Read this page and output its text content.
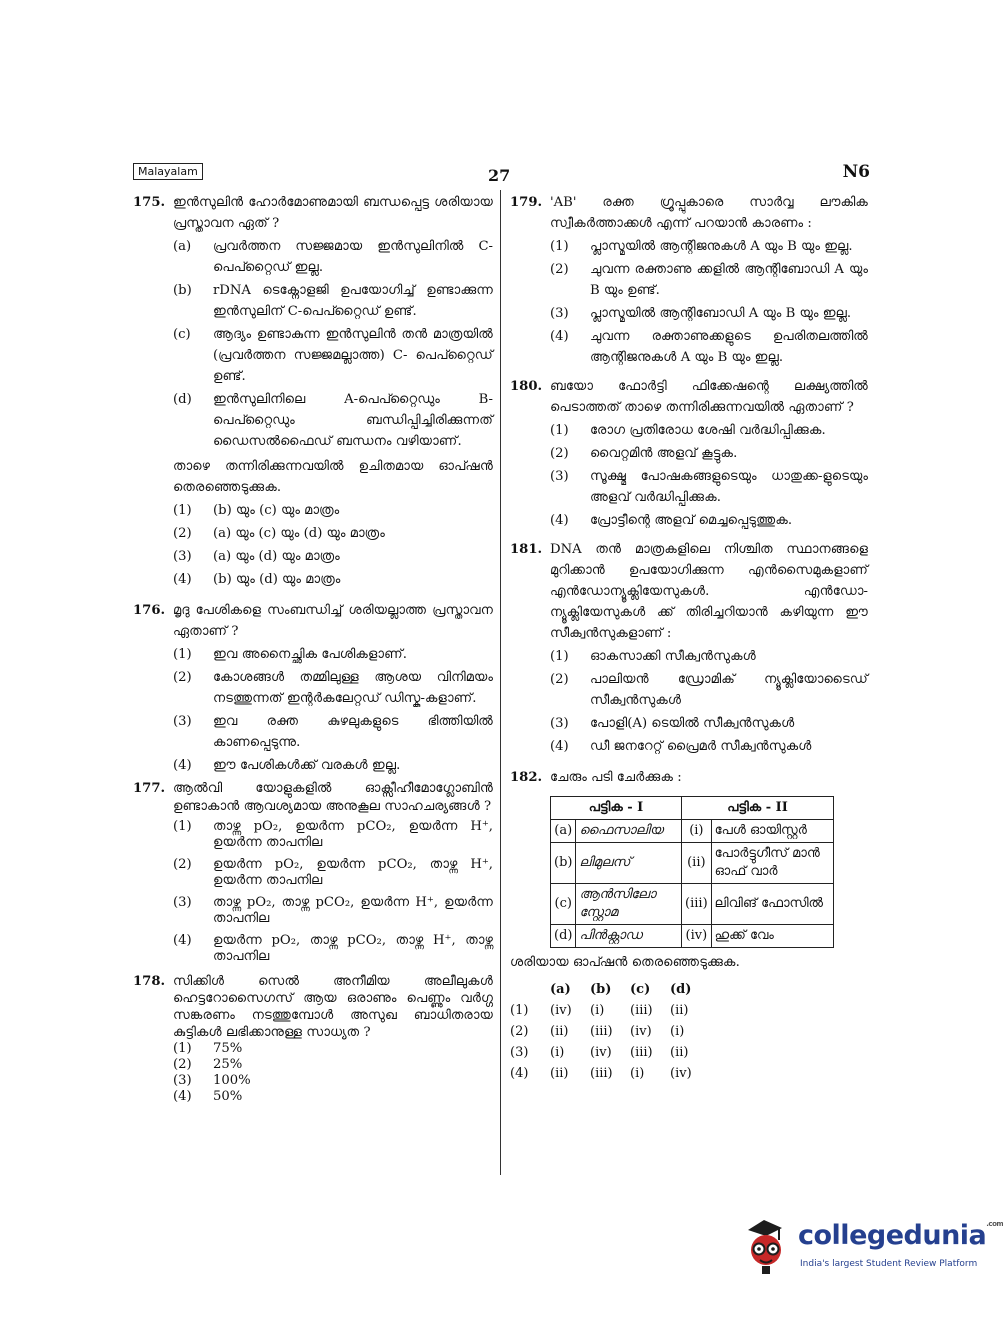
Malayalam	27	N6
175. ഇൻസുലിൻ ഹോർമോണുമായി ബന്ധപ്പെട്ട ശരിയായ പ്രസ്താവന ഏത് ?
(a)	പ്രവർത്തന സജ്ജമായ ഇൻസുലിനിൽ C- പെപ്റ്റൈഡ് ഇല്ല.
(b)	rDNA ടെക്നോളജി ഉപയോഗിച്ച് ഉണ്ടാക്കുന്ന ഇൻസുലിന് C-പെപ്റ്റൈഡ് ഉണ്ട്.
(c)	ആദ്യം ഉണ്ടാകുന്ന ഇൻസുലിൻ തൻ മാത്രയിൽ (പ്രവർത്തന സജ്ജമല്ലാത്ത) C- പെപ്റ്റൈഡ് ഉണ്ട്.
(d)	ഇൻസുലിനിലെ A-പെപ്റ്റൈഡും B-പെപ്റ്റൈഡും ബന്ധിപ്പിച്ചിരിക്കുന്നത് ഡൈസൽഫൈഡ് ബന്ധനം വഴിയാണ്.
താഴെ തന്നിരിക്കുന്നവയിൽ ഉചിതമായ ഓപ്ഷൻ തെരഞ്ഞെടുക്കുക.
(1)	(b) യും (c) യും മാത്രം
(2)	(a) യും (c) യും (d) യും മാത്രം
(3)	(a) യും (d) യും മാത്രം
(4)	(b) യും (d) യും മാത്രം
176. മൃദു പേശികളെ സംബന്ധിച്ച് ശരിയല്ലാത്ത പ്രസ്താവന ഏതാണ് ?
(1)	ഇവ അനൈച്ഛിക പേശികളാണ്.
(2)	കോശങ്ങൾ തമ്മിലുള്ള ആശയ വിനിമയം നടത്തുന്നത് ഇന്റർകലേറ്റഡ് ഡിസ്കു-കളാണ്.
(3)	ഇവ രക്ത കുഴലുകളുടെ ഭിത്തിയിൽ കാണപ്പെടുന്നു.
(4)	ഈ പേശികൾക്ക് വരകൾ ഇല്ല.
177. ആൽവി യോളുകളിൽ ഓക്സീഹീമോഗ്ലോബിൻ ഉണ്ടാകാൻ ആവശ്യമായ അനുകൂല സാഹചര്യങ്ങൾ ?
(1)	താഴ്ന്ന pO₂, ഉയർന്ന pCO₂, ഉയർന്ന H⁺, ഉയർന്ന താപനില
(2)	ഉയർന്ന pO₂, ഉയർന്ന pCO₂, താഴ്ന്ന H⁺, ഉയർന്ന താപനില
(3)	താഴ്ന്ന pO₂, താഴ്ന്ന pCO₂, ഉയർന്ന H⁺, ഉയർന്ന താപനില
(4)	ഉയർന്ന pO₂, താഴ്ന്ന pCO₂, താഴ്ന്ന H⁺, താഴ്ന്ന താപനില
178. സിക്കിൾ സെൽ അനീമിയ അലീലുകൾ ഹെട്ടറോസൈഗസ് ആയ ഒരാണും പെണ്ണും വർഗ്ഗ സങ്കരണം നടത്തുമ്പോൾ അസുഖ ബാധിതരായ കുട്ടികൾ ലഭിക്കാനുള്ള സാധ്യത ?
(1)	75%
(2)	25%
(3)	100%
(4)	50%
179. 'AB' രക്ത ഗ്രൂപ്പുകാരെ സാർവ്വ ലൗകിക സ്വീകർത്താക്കൾ എന്ന് പറയാൻ കാരണം :
(1)	പ്ലാസ്മയിൽ ആന്റിജനുകൾ A യും B യും ഇല്ല.
(2)	ചുവന്ന രക്താണു ക്കളിൽ ആന്റിബോഡി A യും B യും ഉണ്ട്.
(3)	പ്ലാസ്മയിൽ ആന്റിബോഡി A യും B യും ഇല്ല.
(4)	ചുവന്ന രക്താണുക്കളുടെ ഉപരിതലത്തിൽ ആന്റിജനുകൾ A യും B യും ഇല്ല.
180. ബയോ ഫോർട്ടി ഫിക്കേഷന്റെ ലക്ഷ്യത്തിൽ പെടാത്തത് താഴെ തന്നിരിക്കുന്നവയിൽ ഏതാണ് ?
(1)	രോഗ പ്രതിരോധ ശേഷി വർദ്ധിപ്പിക്കുക.
(2)	വൈറ്റമിൻ അളവ് കൂട്ടുക.
(3)	സൂക്ഷ്മ പോഷകങ്ങളുടെയും ധാതുക്ക-ളുടെയും അളവ് വർദ്ധിപ്പിക്കുക.
(4)	പ്രോട്ടീന്റെ അളവ് മെച്ചപ്പെടുത്തുക.
181. DNA തൻ മാത്രകളിലെ നിശ്ചിത സ്ഥാനങ്ങളെ മുറിക്കാൻ ഉപയോഗിക്കുന്ന എൻസൈമുകളാണ് എൻഡോന്യൂക്ലിയേസുകൾ. എൻഡോ-ന്യൂക്ലിയേസുകൾ ക്ക് തിരിച്ചറിയാൻ കഴിയുന്ന ഈ സീക്വൻസുകളാണ് :
(1)	ഓകസാക്കി സീക്വൻസുകൾ
(2)	പാലിയൻ ഡ്രോമിക് ന്യൂക്ലിയോടൈഡ് സീക്വൻസുകൾ
(3)	പോളി(A) ടെയിൽ സീക്വൻസുകൾ
(4)	ഡീ ജനറേറ്റ് പ്രൈമർ സീക്വൻസുകൾ
182. ചേരും പടി ചേർക്കുക :
പട്ടിക - I		പട്ടിക - II	
(a)	ഫൈസാലിയ	(i)	പേൾ ഓയിസ്റ്റർ
(b)	ലിമുലസ്	(ii)	പോർട്ടുഗീസ് മാൻ ഓഫ് വാർ
(c)	ആൻസിലോ സ്റ്റോമ	(iii)	ലിവിങ് ഫോസിൽ
(d)	പിൻക്റ്റാഡ	(iv)	ഹുക്ക് വേം
ശരിയായ ഓപ്ഷൻ തെരഞ്ഞെടുക്കുക.
	(a)	(b)	(c)	(d)
(1)	(iv)	(i)	(iii)	(ii)
(2)	(ii)	(iii)	(iv)	(i)
(3)	(i)	(iv)	(iii)	(ii)
(4)	(ii)	(iii)	(i)	(iv)
collegedunia$^{.com}$
India's largest Student Review Platform
